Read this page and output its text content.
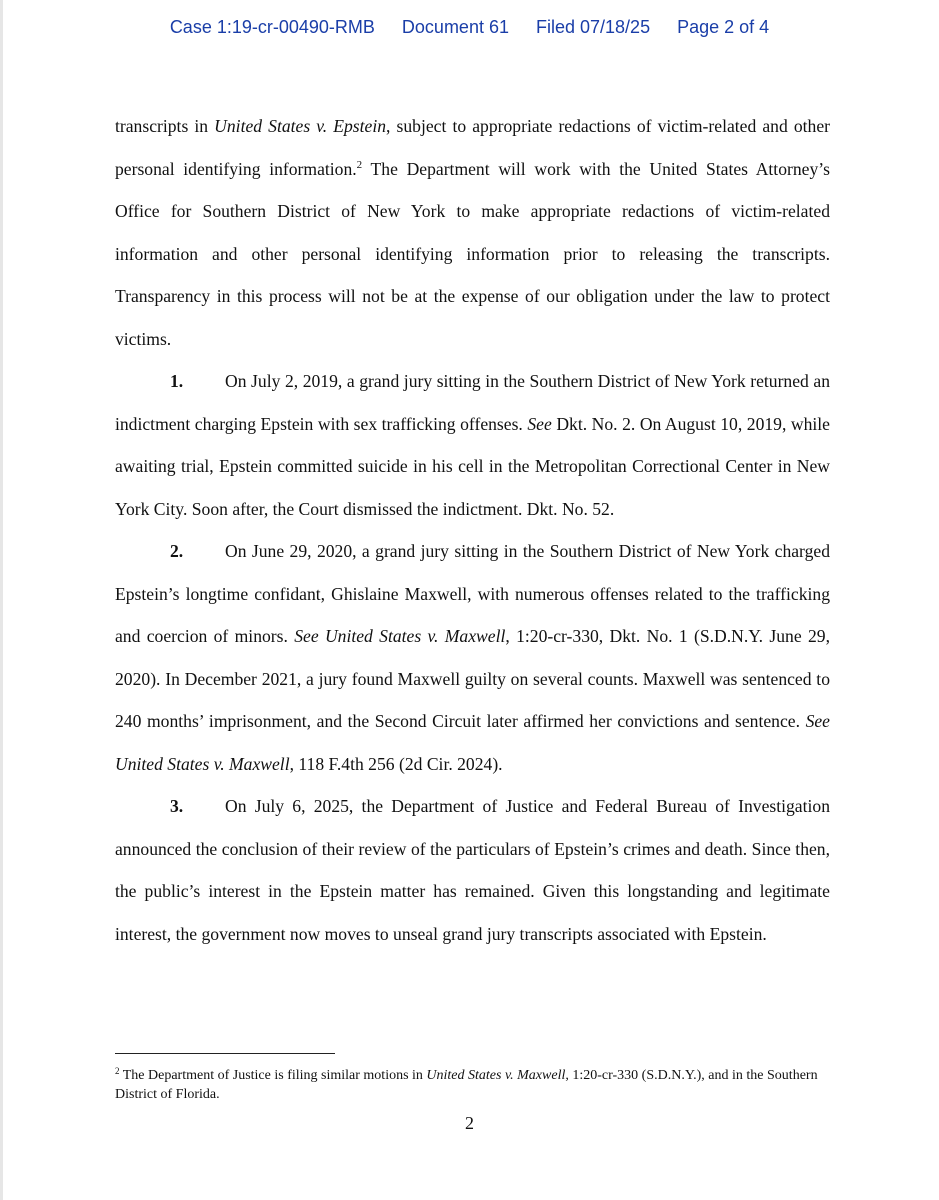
Case 1:19-cr-00490-RMB Document 61 Filed 07/18/25 Page 2 of 4

transcripts in United States v. Epstein, subject to appropriate redactions of victim-related and other personal identifying information.$^2$ The Department will work with the United States Attorney’s Office for Southern District of New York to make appropriate redactions of victim-related information and other personal identifying information prior to releasing the transcripts. Transparency in this process will not be at the expense of our obligation under the law to protect victims.

1. On July 2, 2019, a grand jury sitting in the Southern District of New York returned an indictment charging Epstein with sex trafficking offenses. See Dkt. No. 2. On August 10, 2019, while awaiting trial, Epstein committed suicide in his cell in the Metropolitan Correctional Center in New York City. Soon after, the Court dismissed the indictment. Dkt. No. 52.

2. On June 29, 2020, a grand jury sitting in the Southern District of New York charged Epstein’s longtime confidant, Ghislaine Maxwell, with numerous offenses related to the trafficking and coercion of minors. See United States v. Maxwell, 1:20-cr-330, Dkt. No. 1 (S.D.N.Y. June 29, 2020). In December 2021, a jury found Maxwell guilty on several counts. Maxwell was sentenced to 240 months’ imprisonment, and the Second Circuit later affirmed her convictions and sentence. See United States v. Maxwell, 118 F.4th 256 (2d Cir. 2024).

3. On July 6, 2025, the Department of Justice and Federal Bureau of Investigation announced the conclusion of their review of the particulars of Epstein’s crimes and death. Since then, the public’s interest in the Epstein matter has remained. Given this longstanding and legitimate interest, the government now moves to unseal grand jury transcripts associated with Epstein.

$^2$ The Department of Justice is filing similar motions in United States v. Maxwell, 1:20-cr-330 (S.D.N.Y.), and in the Southern District of Florida.
2
